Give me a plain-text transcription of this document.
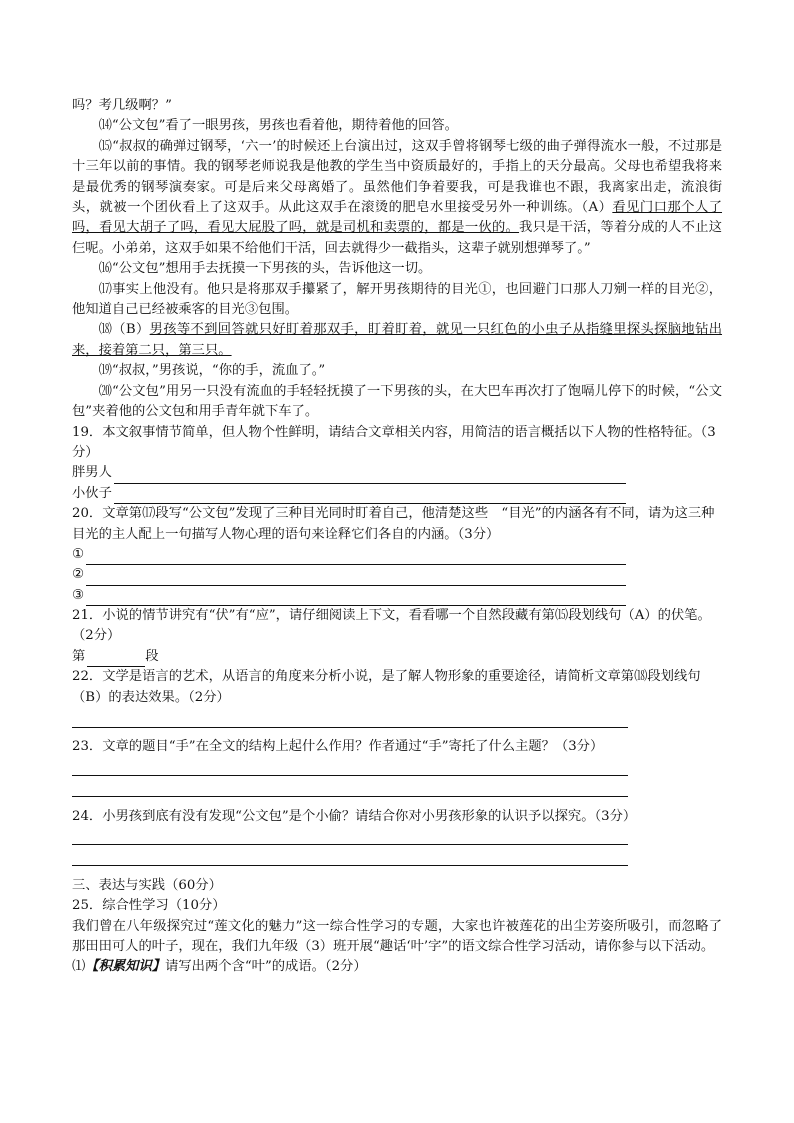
吗？考几级啊？”

⒁“公文包”看了一眼男孩，男孩也看着他，期待着他的回答。

⒂“叔叔的确弹过钢琴，‘六一’的时候还上台演出过，这双手曾将钢琴七级的曲子弹得流水一般，不过那是十三年以前的事情。我的钢琴老师说我是他教的学生当中资质最好的，手指上的天分最高。父母也希望我将来是最优秀的钢琴演奏家。可是后来父母离婚了。虽然他们争着要我，可是我谁也不跟，我离家出走，流浪街头，就被一个团伙看上了这双手。从此这双手在滚烫的肥皂水里接受另外一种训练。（A）看见门口那个人了吗，看见大胡子了吗，看见大屁股了吗，就是司机和卖票的，都是一伙的。我只是干活，等着分成的人不止这仨呢。小弟弟，这双手如果不给他们干活，回去就得少一截指头，这辈子就别想弹琴了。”

⒃“公文包”想用手去抚摸一下男孩的头，告诉他这一切。

⒄事实上他没有。他只是将那双手攥紧了，解开男孩期待的目光①，也回避门口那人刀剜一样的目光②，他知道自己已经被乘客的目光③包围。

⒅（B）男孩等不到回答就只好盯着那双手，盯着盯着，就见一只红色的小虫子从指缝里探头探脑地钻出来，接着第二只，第三只。

⒆“叔叔，”男孩说，“你的手，流血了。”

⒇“公文包”用另一只没有流血的手轻轻抚摸了一下男孩的头，在大巴车再次打了饱嗝儿停下的时候，“公文包”夹着他的公文包和用手青年就下车了。

19．本文叙事情节简单，但人物个性鲜明，请结合文章相关内容，用简洁的语言概括以下人物的性格特征。（3分）

胖男人
小伙子

20．文章第⒄段写“公文包”发现了三种目光同时盯着自己，他清楚这些　“目光”的内涵各有不同，请为这三种目光的主人配上一句描写人物心理的语句来诠释它们各自的内涵。（3分）

①
②
③

21．小说的情节讲究有“伏”有“应”，请仔细阅读上下文，看看哪一个自然段藏有第⒂段划线句（A）的伏笔。（2分）

第	段

22．文学是语言的艺术，从语言的角度来分析小说，是了解人物形象的重要途径，请简析文章第⒅段划线句（B）的表达效果。（2分）

23．文章的题目“手”在全文的结构上起什么作用？作者通过“手”寄托了什么主题？（3分）

24．小男孩到底有没有发现“公文包”是个小偷？请结合你对小男孩形象的认识予以探究。（3分）

三、表达与实践（60分）

25．综合性学习（10分）

我们曾在八年级探究过“莲文化的魅力”这一综合性学习的专题，大家也许被莲花的出尘芳姿所吸引，而忽略了那田田可人的叶子，现在，我们九年级（3）班开展“趣话‘叶’字”的语文综合性学习活动，请你参与以下活动。

⑴【积累知识】请写出两个含“叶”的成语。（2分）
